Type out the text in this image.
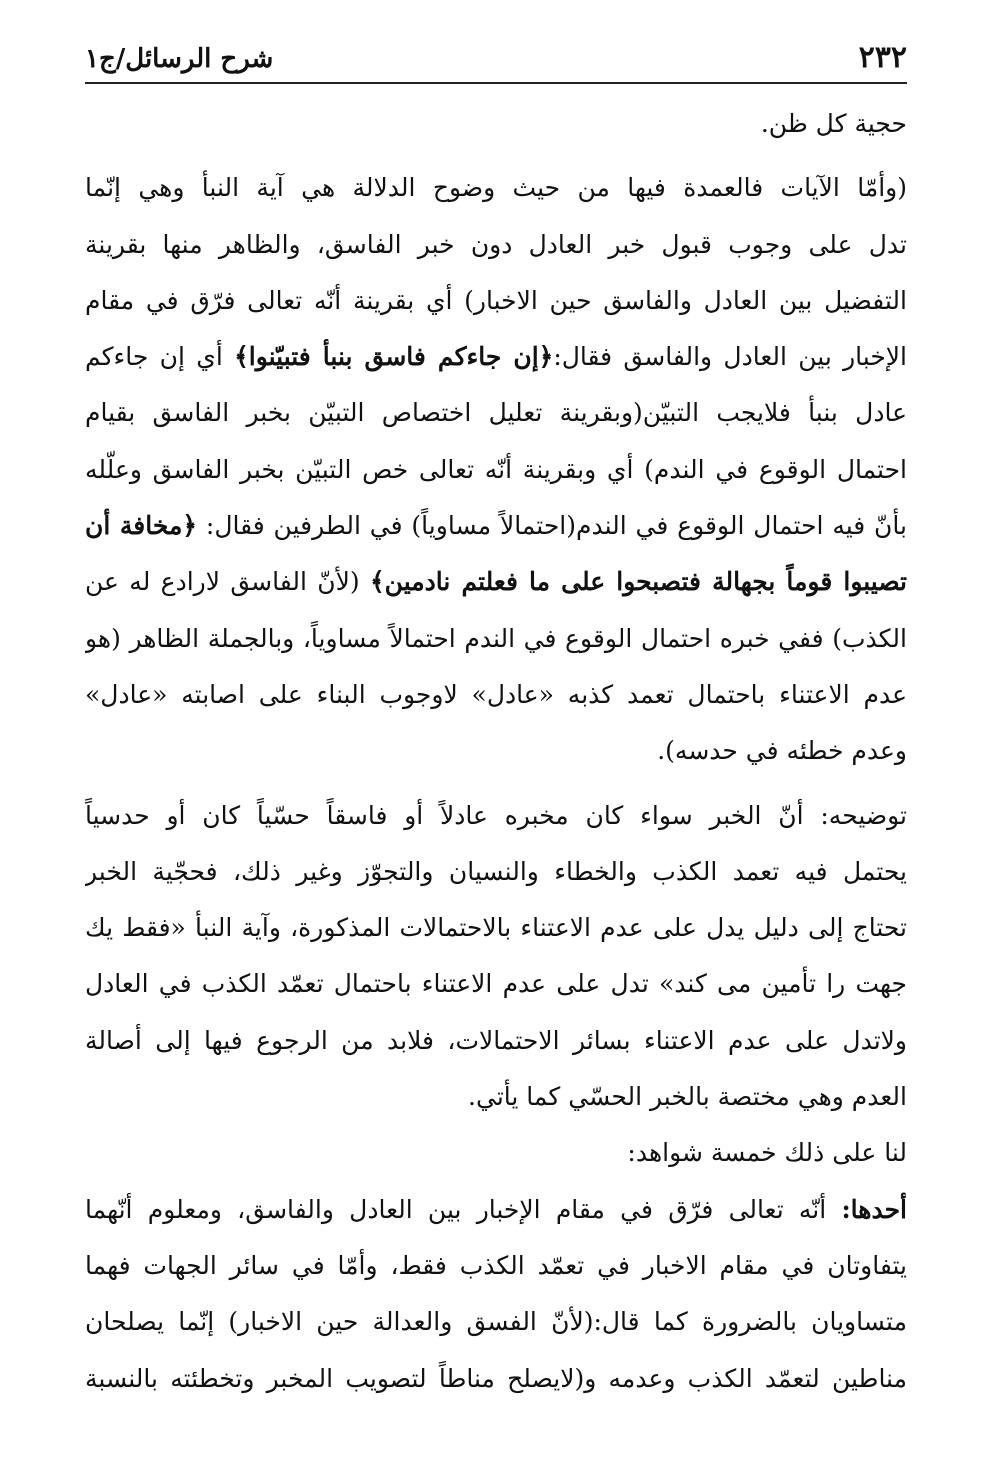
٢٣٢
شرح الرسائل/ج١
حجية كل ظن.
(وأمّا الآيات فالعمدة فيها من حيث وضوح الدلالة هي آية النبأ وهي إنّما
تدل على وجوب قبول خبر العادل دون خبر الفاسق، والظاهر منها بقرينة
التفضيل بين العادل والفاسق حين الاخبار) أي بقرينة أنّه تعالى فرّق في مقام
الإخبار بين العادل والفاسق فقال:﴿إن جاءكم فاسق بنبأ فتبيّنوا﴾ أي إن جاءكم
عادل بنبأ فلايجب التبيّن(وبقرينة تعليل اختصاص التبيّن بخبر الفاسق بقيام
احتمال الوقوع في الندم) أي وبقرينة أنّه تعالى خص التبيّن بخبر الفاسق وعلّله
بأنّ فيه احتمال الوقوع في الندم(احتمالاً مساوياً) في الطرفين فقال: ﴿مخافة أن
تصيبوا قوماً بجهالة فتصبحوا على ما فعلتم نادمين﴾ (لأنّ الفاسق لارادع له عن
الكذب) ففي خبره احتمال الوقوع في الندم احتمالاً مساوياً، وبالجملة الظاهر (هو
عدم الاعتناء باحتمال تعمد كذبه «عادل» لاوجوب البناء على اصابته «عادل»
وعدم خطئه في حدسه).
توضيحه: أنّ الخبر سواء كان مخبره عادلاً أو فاسقاً حسّياً كان أو حدسياً
يحتمل فيه تعمد الكذب والخطاء والنسيان والتجوّز وغير ذلك، فحجّية الخبر
تحتاج إلى دليل يدل على عدم الاعتناء بالاحتمالات المذكورة، وآية النبأ «فقط يك
جهت را تأمين مى كند» تدل على عدم الاعتناء باحتمال تعمّد الكذب في العادل
ولاتدل على عدم الاعتناء بسائر الاحتمالات، فلابد من الرجوع فيها إلى أصالة
العدم وهي مختصة بالخبر الحسّي كما يأتي.
لنا على ذلك خمسة شواهد:
أحدها: أنّه تعالى فرّق في مقام الإخبار بين العادل والفاسق، ومعلوم أنّهما
يتفاوتان في مقام الاخبار في تعمّد الكذب فقط، وأمّا في سائر الجهات فهما
متساويان بالضرورة كما قال:(لأنّ الفسق والعدالة حين الاخبار) إنّما يصلحان
مناطين لتعمّد الكذب وعدمه و(لايصلح مناطاً لتصويب المخبر وتخطئته بالنسبة
